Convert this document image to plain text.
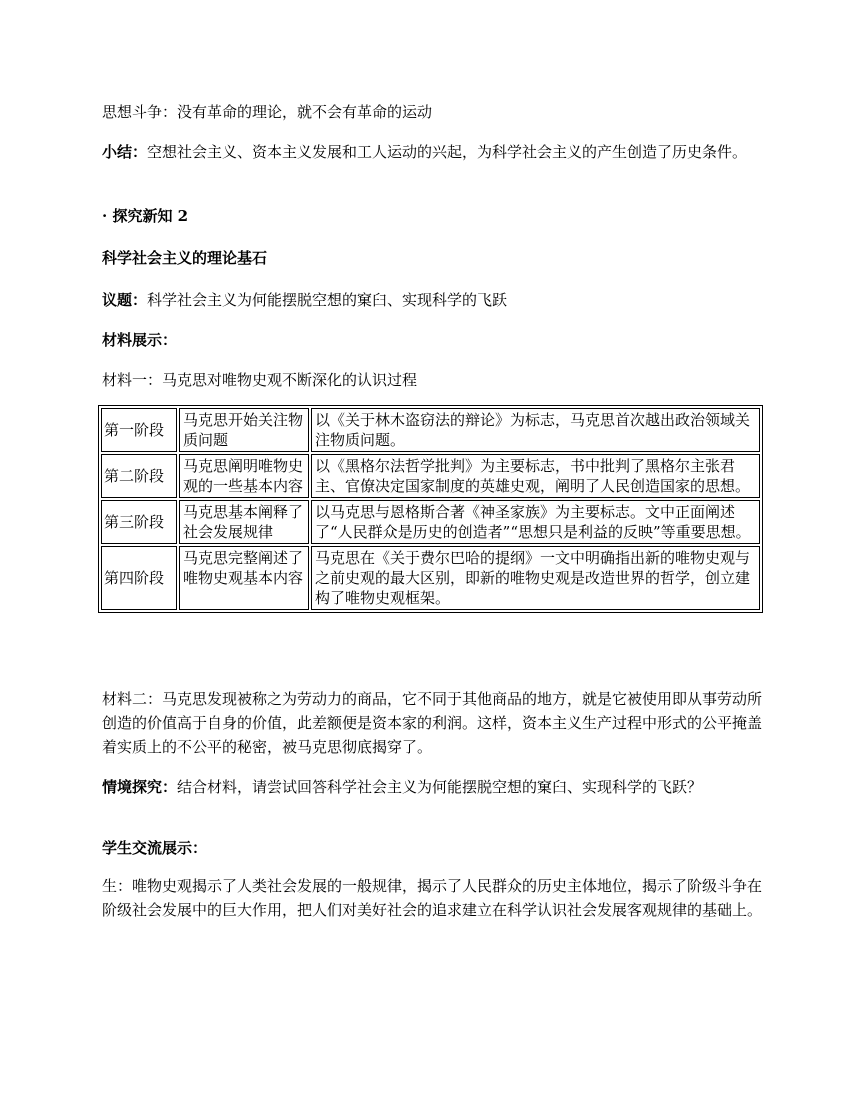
思想斗争：没有革命的理论，就不会有革命的运动

小结：空想社会主义、资本主义发展和工人运动的兴起，为科学社会主义的产生创造了历史条件。

· 探究新知 2

科学社会主义的理论基石

议题：科学社会主义为何能摆脱空想的窠臼、实现科学的飞跃

材料展示：

材料一：马克思对唯物史观不断深化的认识过程

第一阶段	马克思开始关注物质问题	以《关于林木盗窃法的辩论》为标志，马克思首次越出政治领域关注物质问题。
第二阶段	马克思阐明唯物史观的一些基本内容	以《黑格尔法哲学批判》为主要标志，书中批判了黑格尔主张君主、官僚决定国家制度的英雄史观，阐明了人民创造国家的思想。
第三阶段	马克思基本阐释了社会发展规律	以马克思与恩格斯合著《神圣家族》为主要标志。文中正面阐述了“人民群众是历史的创造者”“思想只是利益的反映”等重要思想。
第四阶段	马克思完整阐述了唯物史观基本内容	马克思在《关于费尔巴哈的提纲》一文中明确指出新的唯物史观与之前史观的最大区别，即新的唯物史观是改造世界的哲学，创立建构了唯物史观框架。

材料二：马克思发现被称之为劳动力的商品，它不同于其他商品的地方，就是它被使用即从事劳动所创造的价值高于自身的价值，此差额便是资本家的利润。这样，资本主义生产过程中形式的公平掩盖着实质上的不公平的秘密，被马克思彻底揭穿了。

情境探究：结合材料，请尝试回答科学社会主义为何能摆脱空想的窠臼、实现科学的飞跃？

学生交流展示：

生：唯物史观揭示了人类社会发展的一般规律，揭示了人民群众的历史主体地位，揭示了阶级斗争在阶级社会发展中的巨大作用，把人们对美好社会的追求建立在科学认识社会发展客观规律的基础上。
